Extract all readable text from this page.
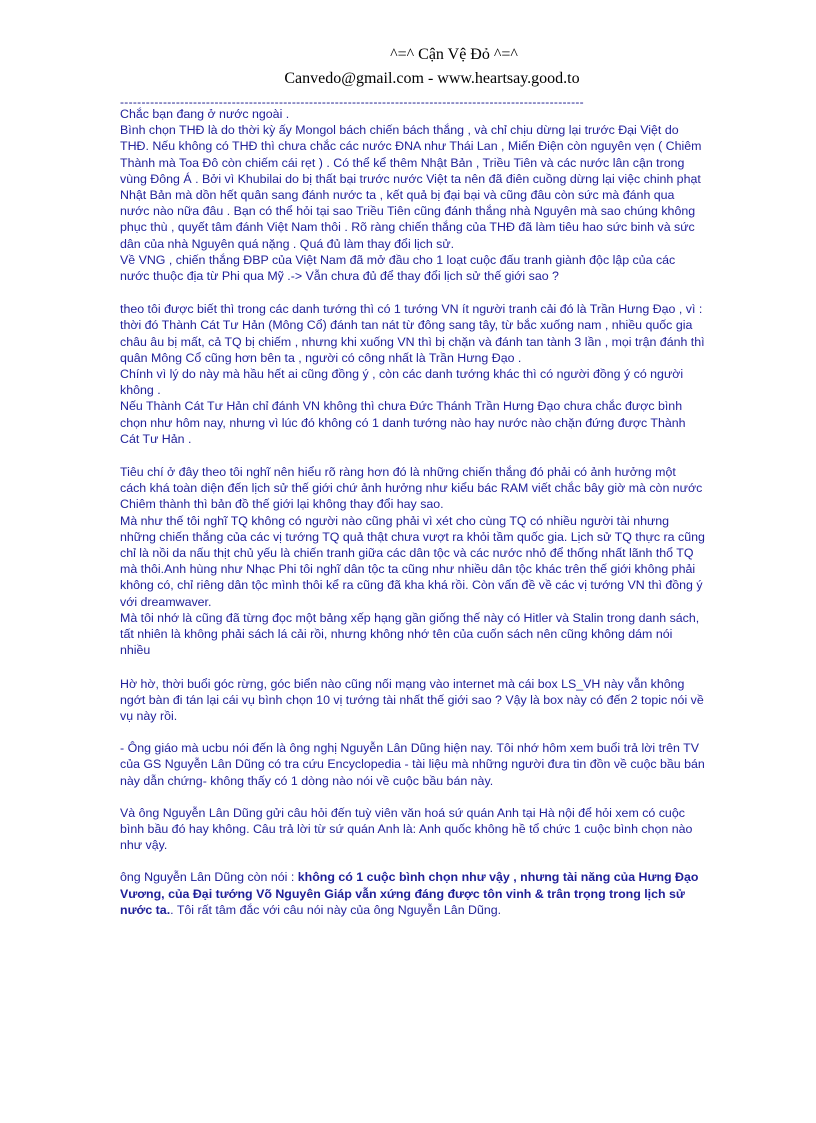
^=^ Cận Vệ Đỏ ^=^
Canvedo@gmail.com - www.heartsay.good.to
------------------------------------------------------------------------------------------------------------

Chắc bạn đang ở nước ngoài .

Bình chọn THĐ là do thời kỳ ấy Mongol bách chiến bách thắng , và chỉ chịu dừng lại trước Đại Việt do THĐ. Nếu không có THĐ thì chưa chắc các nước ĐNA như Thái Lan , Miến Điện còn nguyên vẹn ( Chiêm Thành mà Toa Đô còn chiếm cái rẹt ) . Có thể kể thêm Nhật Bản , Triều Tiên và các nước lân cận trong vùng Đông Á . Bởi vì Khubilai do bị thất bại trước nước Việt ta nên đã điên cuồng dừng lại việc chinh phạt Nhật Bản mà dồn hết quân sang đánh nước ta , kết quả bị đại bại và cũng đâu còn sức mà đánh qua nước nào nữa đâu . Bạn có thể hỏi tại sao Triều Tiên cũng đánh thắng nhà Nguyên mà sao chúng không phục thù , quyết tâm đánh Việt Nam thôi . Rõ ràng chiến thắng của THĐ đã làm tiêu hao sức binh và sức dân của nhà Nguyên quá nặng . Quá đủ làm thay đổi lịch sử.

Về VNG , chiến thắng ĐBP của Việt Nam đã mở đầu cho 1 loạt cuộc đấu tranh giành độc lập của các nước thuộc địa từ Phi qua Mỹ .-> Vẫn chưa đủ để thay đổi lịch sử thế giới sao ?

theo tôi được biết thì trong các danh tướng thì có 1 tướng VN ít người tranh cải đó là Trần Hưng Đạo , vì :

thời đó Thành Cát Tư Hản (Mông Cổ) đánh tan nát từ đông sang tây, từ bắc xuống nam , nhiều quốc gia châu âu bị mất, cả TQ bị chiếm , nhưng khi xuống VN thì bị chặn và đánh tan tành 3 lần , mọi trận đánh thì quân Mông Cổ cũng hơn bên ta , người có công nhất là Trần Hưng Đạo .

Chính vì lý do này mà hầu hết ai cũng đồng ý , còn các danh tướng khác thì có người đồng ý có người không .

Nếu Thành Cát Tư Hản chỉ đánh VN không thì chưa Đức Thánh Trần Hưng Đạo chưa chắc được bình chọn như hôm nay, nhưng vì lúc đó không có 1 danh tướng nào hay nước nào chặn đứng được Thành Cát Tư Hản .

Tiêu chí ở đây theo tôi nghĩ nên hiểu rõ ràng hơn đó là những chiến thắng đó phải có ảnh hưởng một cách khá toàn diện đến lịch sử thế giới chứ ảnh hưởng như kiểu bác RAM viết chắc bây giờ mà còn nước Chiêm thành thì bản đồ thế giới lại không thay đổi hay sao.

Mà như thế tôi nghĩ TQ không có người nào cũng phải vì xét cho cùng TQ có nhiều người tài nhưng những chiến thắng của các vị tướng TQ quả thật chưa vượt ra khỏi tầm quốc gia. Lịch sử TQ thực ra cũng chỉ là nồi da nấu thịt chủ yếu là chiến tranh giữa các dân tộc và các nước nhỏ để thống nhất lãnh thổ TQ mà thôi.Anh hùng như Nhạc Phi tôi nghĩ dân tộc ta cũng như nhiều dân tộc khác trên thế giới không phải không có, chỉ riêng dân tộc mình thôi kể ra cũng đã kha khá rồi. Còn vấn đề về các vị tướng VN thì đồng ý với dreamwaver.

Mà tôi nhớ là cũng đã từng đọc một bảng xếp hạng gần giống thế này có Hitler và Stalin trong danh sách, tất nhiên là không phải sách lá cải rồi, nhưng không nhớ tên của cuốn sách nên cũng không dám nói nhiều

Hờ hờ, thời buổi góc rừng, góc biển nào cũng nối mạng vào internet mà cái box LS_VH này vẫn không ngớt bàn đi tán lại cái vụ bình chọn 10 vị tướng tài nhất thế giới sao ? Vậy là box này có đến 2 topic nói về vụ này rồi.

- Ông giáo mà ucbu nói đến là ông nghị Nguyễn Lân Dũng hiện nay. Tôi nhớ hôm xem buổi trả lời trên TV của GS Nguyễn Lân Dũng có tra cứu Encyclopedia - tài liệu mà những người đưa tin đồn về cuộc bầu bán này dẫn chứng- không thấy có 1 dòng nào nói về cuộc bầu bán này.

Và ông Nguyễn Lân Dũng gửi câu hỏi đến tuỳ viên văn hoá sứ quán Anh tại Hà nội để hỏi xem có cuộc bình bầu đó hay không. Câu trả lời từ sứ quán Anh là: Anh quốc không hề tổ chức 1 cuộc bình chọn nào như vậy.

ông Nguyễn Lân Dũng còn nói : không có 1 cuộc bình chọn như vậy , nhưng tài năng của Hưng Đạo Vương, của Đại tướng Võ Nguyên Giáp vẫn xứng đáng được tôn vinh & trân trọng trong lịch sử nước ta.. Tôi rất tâm đắc với câu nói này của ông Nguyễn Lân Dũng.
